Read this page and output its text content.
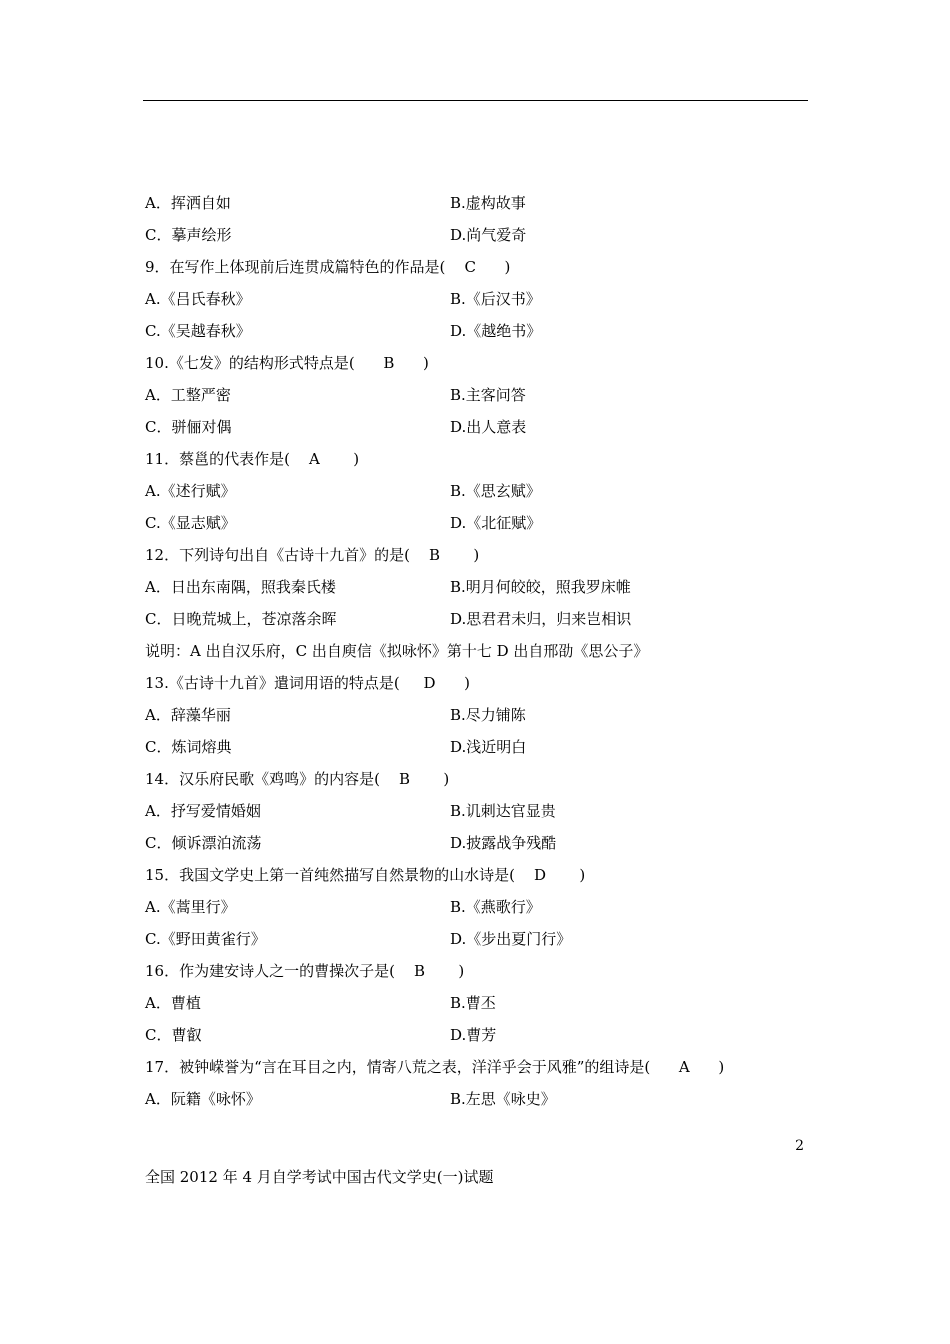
A．挥洒自如	B.虚构故事
C．摹声绘形	D.尚气爱奇
9．在写作上体现前后连贯成篇特色的作品是(    C      )
A.《吕氏春秋》	B.《后汉书》
C.《吴越春秋》	D.《越绝书》
10.《七发》的结构形式特点是(      B      )
A．工整严密	B.主客问答
C．骈俪对偶	D.出人意表
11．蔡邕的代表作是(    A       )
A.《述行赋》	B.《思玄赋》
C.《显志赋》	D.《北征赋》
12．下列诗句出自《古诗十九首》的是(    B       )
A．日出东南隅，照我秦氏楼	B.明月何皎皎，照我罗床帷
C．日晚荒城上，苍凉落余晖	D.思君君未归，归来岂相识
说明：A 出自汉乐府，C 出自庾信《拟咏怀》第十七 D 出自邢劭《思公子》
13.《古诗十九首》遣词用语的特点是(     D      )
A．辞藻华丽	B.尽力铺陈
C．炼词熔典	D.浅近明白
14．汉乐府民歌《鸡鸣》的内容是(    B       )
A．抒写爱情婚姻	B.讥刺达官显贵
C．倾诉漂泊流荡	D.披露战争残酷
15．我国文学史上第一首纯然描写自然景物的山水诗是(    D       )
A.《蒿里行》	B.《燕歌行》
C.《野田黄雀行》	D.《步出夏门行》
16．作为建安诗人之一的曹操次子是(    B       )
A．曹植	B.曹丕
C．曹叡	D.曹芳
17．被钟嵘誉为“言在耳目之内，情寄八荒之表，洋洋乎会于风雅”的组诗是(      A      )
A．阮籍《咏怀》	B.左思《咏史》
2
全国 2012 年 4 月自学考试中国古代文学史(一)试题
